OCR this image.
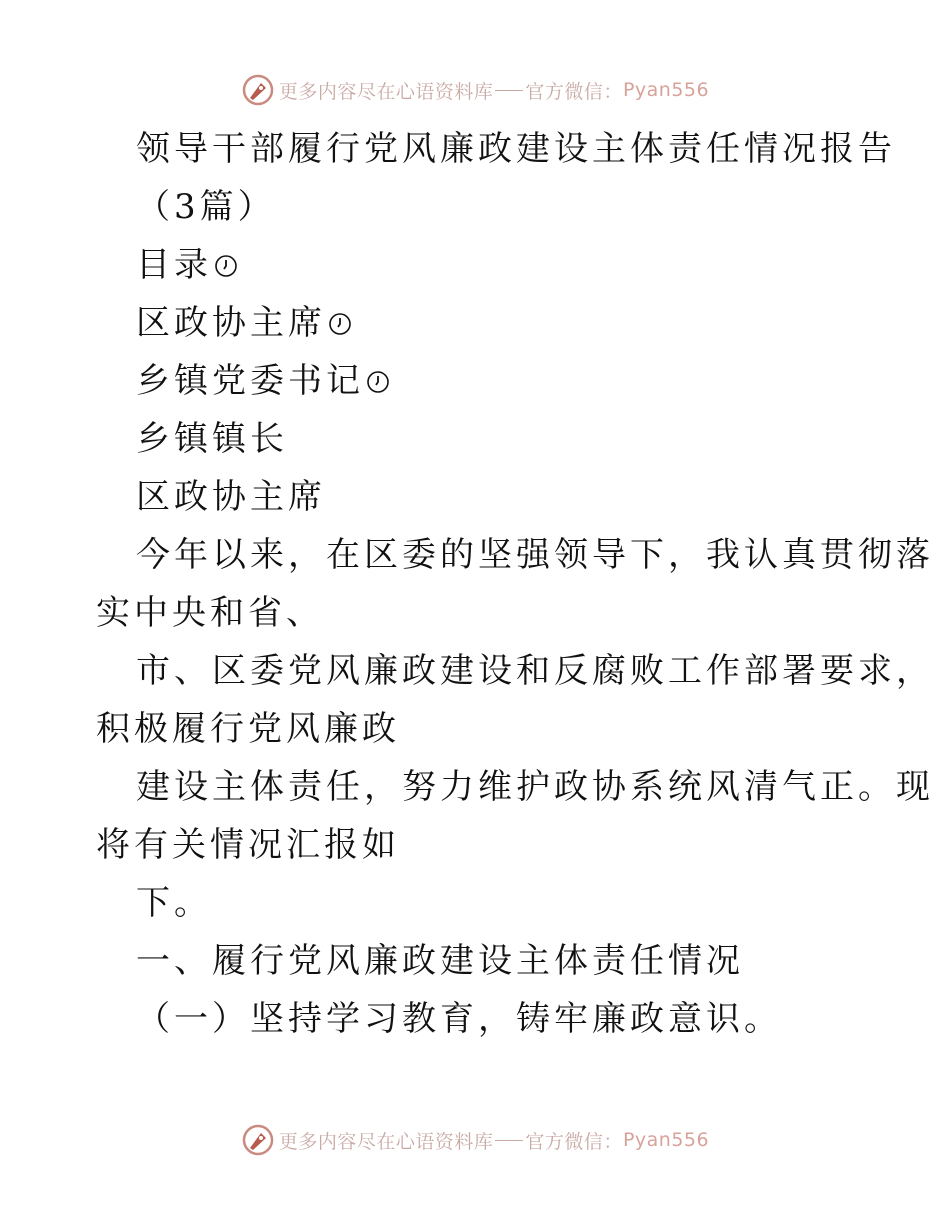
更多内容尽在心语资料库 官方微信： Pyan556
领导干部履行党风廉政建设主体责任情况报告
（3篇）
目录
区政协主席
乡镇党委书记
乡镇镇长
区政协主席
今年以来，在区委的坚强领导下，我认真贯彻落
实中央和省、
市、区委党风廉政建设和反腐败工作部署要求，
积极履行党风廉政
建设主体责任，努力维护政协系统风清气正。现
将有关情况汇报如
下。
一、履行党风廉政建设主体责任情况
（一）坚持学习教育，铸牢廉政意识。
更多内容尽在心语资料库 官方微信： Pyan556
